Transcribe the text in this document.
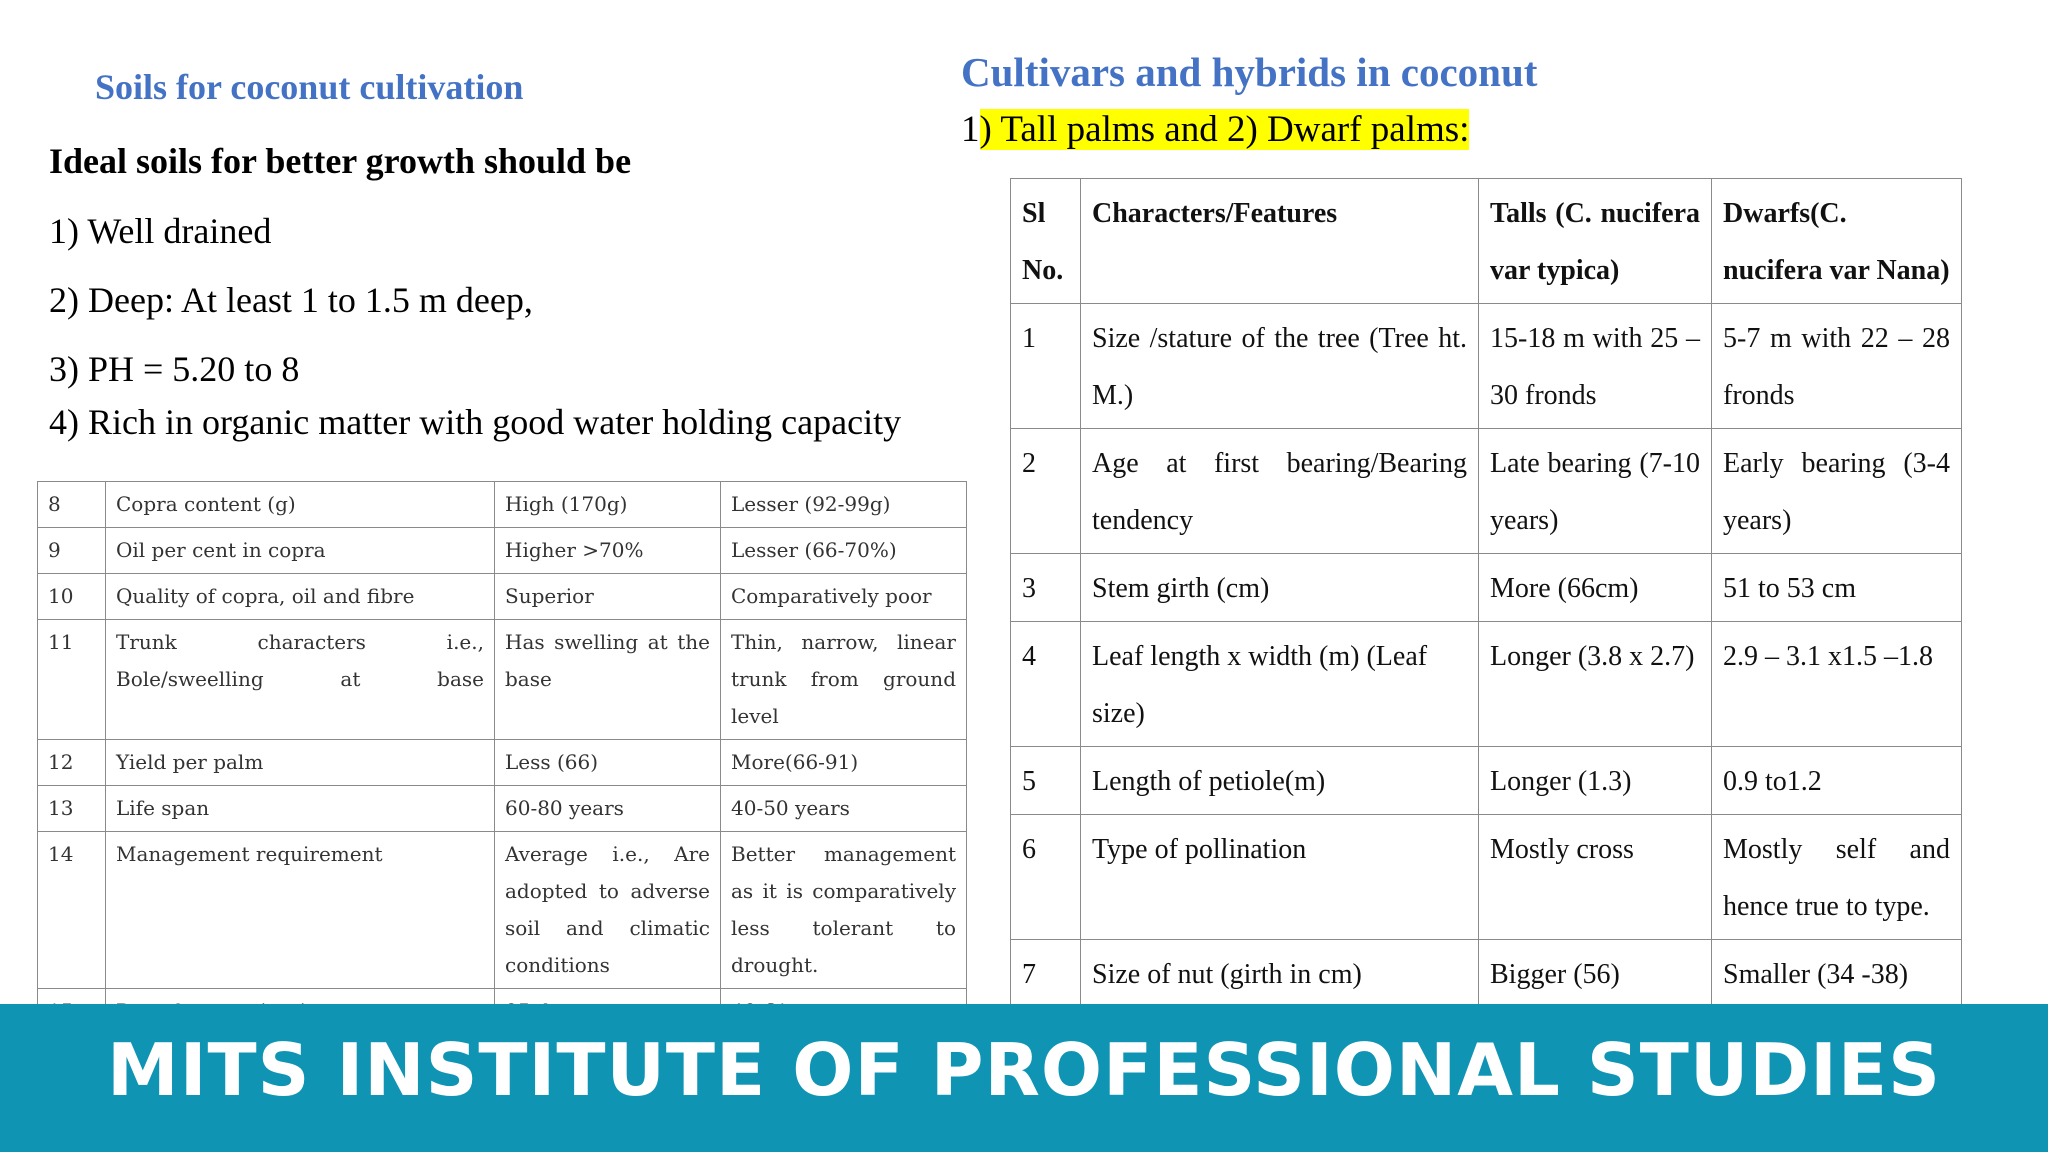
Soils for coconut cultivation
Ideal soils for better growth should be
1) Well drained
2) Deep: At least 1 to 1.5 m deep,
3) PH = 5.20 to 8
4) Rich in organic matter with good water holding capacity
Cultivars and hybrids in coconut
1) Tall palms and 2) Dwarf palms:
8	Copra content (g)	High (170g)	Lesser (92-99g)
9	Oil per cent in copra	Higher >70%	Lesser (66-70%)
10	Quality of copra, oil and fibre	Superior	Comparatively poor
11	Trunk characters i.e., Bole/sweelling at base	Has swelling at the base	Thin, narrow, linear trunk from ground level
12	Yield per palm	Less (66)	More(66-91)
13	Life span	60-80 years	40-50 years
14	Management requirement	Average i.e., Are adopted to adverse soil and climatic conditions	Better management as it is comparatively less tolerant to drought.

Sl No.	Characters/Features	Talls (C. nucifera var typica)	Dwarfs(C. nucifera var Nana)
1	Size /stature of the tree (Tree ht. M.)	15-18 m with 25 – 30 fronds	5-7 m with 22 – 28 fronds
2	Age at first bearing/Bearing tendency	Late bearing (7-10 years)	Early bearing (3-4 years)
3	Stem girth (cm)	More (66cm)	51 to 53 cm
4	Leaf length x width (m) (Leaf size)	Longer (3.8 x 2.7)	2.9 – 3.1 x1.5 –1.8
5	Length of petiole(m)	Longer (1.3)	0.9 to1.2
6	Type of pollination	Mostly cross	Mostly self and hence true to type.
7	Size of nut (girth in cm)	Bigger (56)	Smaller (34 -38)
MITS INSTITUTE OF PROFESSIONAL STUDIES
